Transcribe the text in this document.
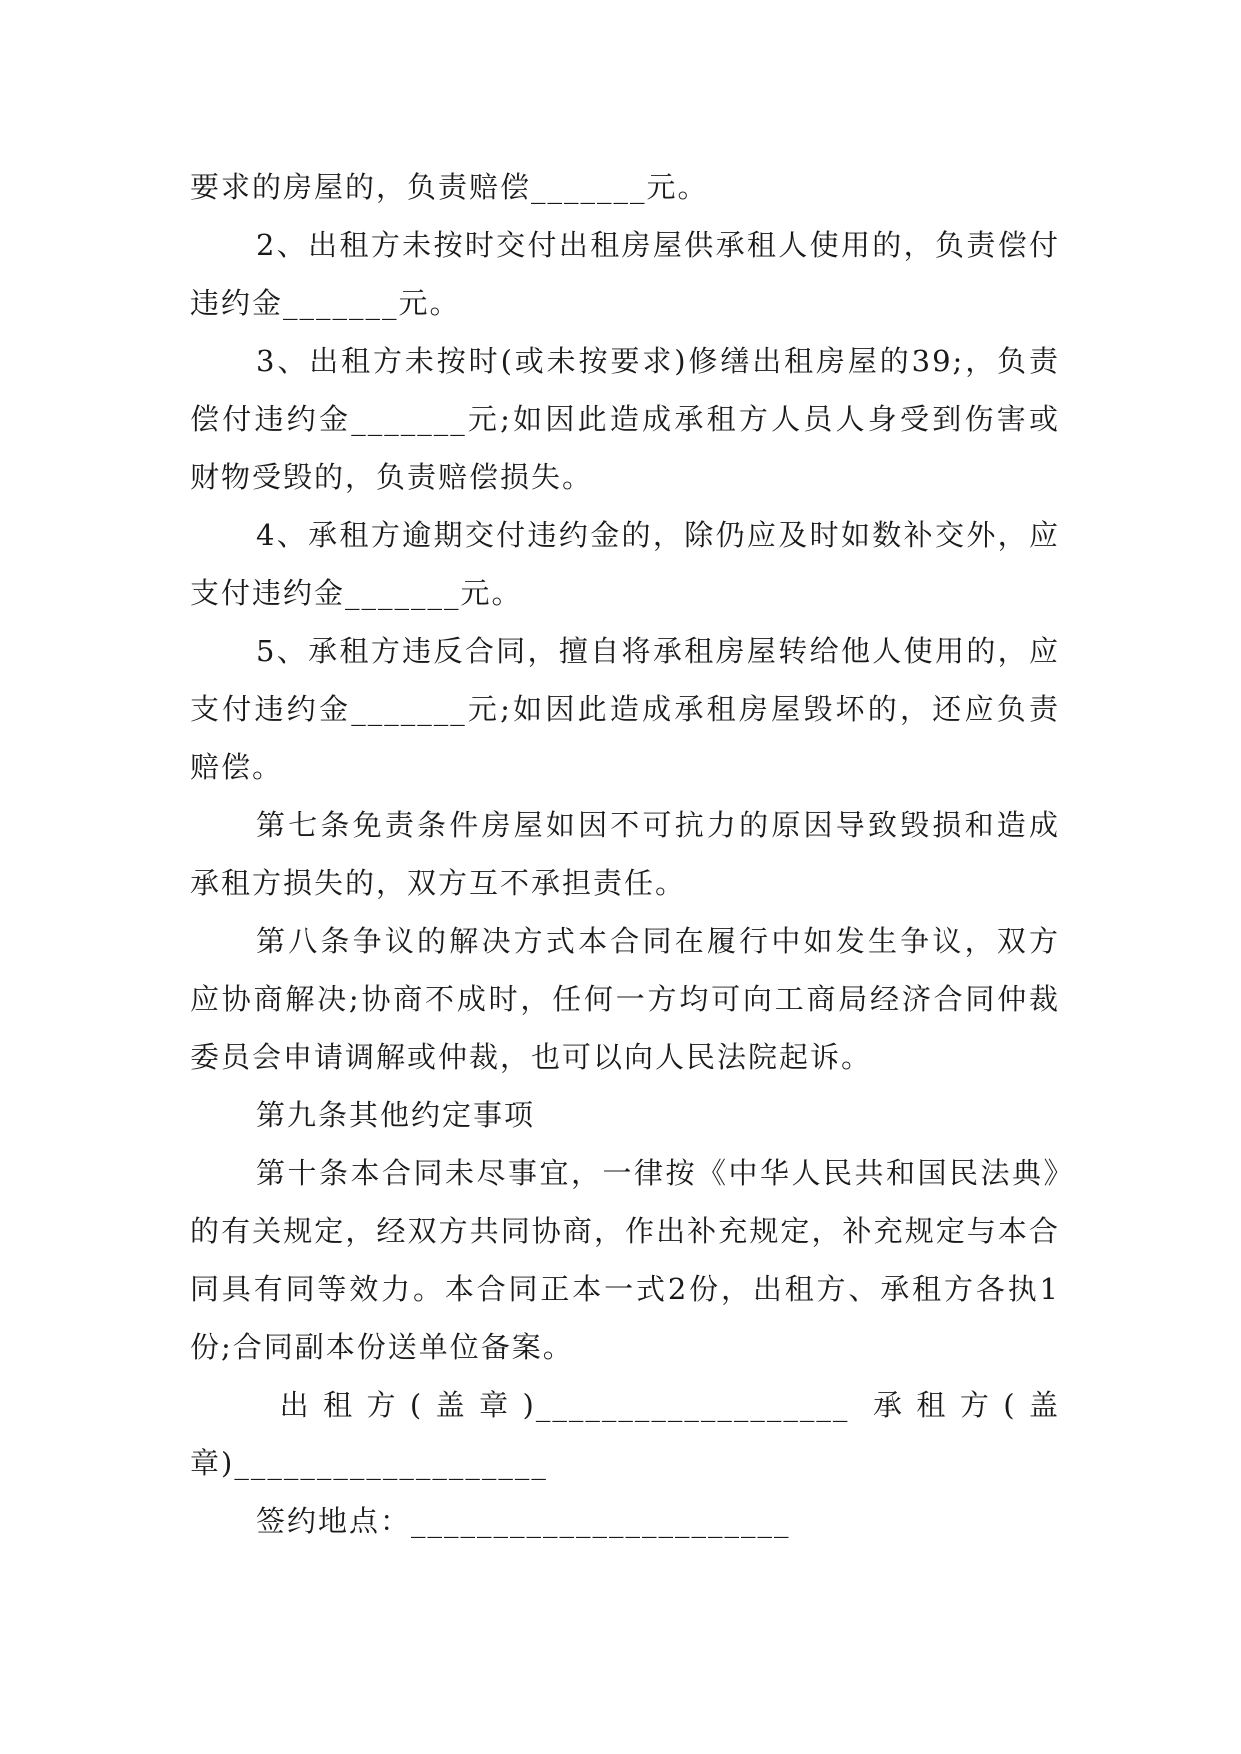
要求的房屋的，负责赔偿_______元。

2、出租方未按时交付出租房屋供承租人使用的，负责偿付违约金_______元。

3、出租方未按时(或未按要求)修缮出租房屋的39;，负责偿付违约金_______元;如因此造成承租方人员人身受到伤害或财物受毁的，负责赔偿损失。

4、承租方逾期交付违约金的，除仍应及时如数补交外，应支付违约金_______元。

5、承租方违反合同，擅自将承租房屋转给他人使用的，应支付违约金_______元;如因此造成承租房屋毁坏的，还应负责赔偿。

第七条免责条件房屋如因不可抗力的原因导致毁损和造成承租方损失的，双方互不承担责任。

第八条争议的解决方式本合同在履行中如发生争议，双方应协商解决;协商不成时，任何一方均可向工商局经济合同仲裁委员会申请调解或仲裁，也可以向人民法院起诉。

第九条其他约定事项

第十条本合同未尽事宜，一律按《中华人民共和国民法典》的有关规定，经双方共同协商，作出补充规定，补充规定与本合同具有同等效力。本合同正本一式2份，出租方、承租方各执1份;合同副本份送单位备案。

出租方(盖章)___________________ 承租方(盖章)___________________

签约地点：_______________________
